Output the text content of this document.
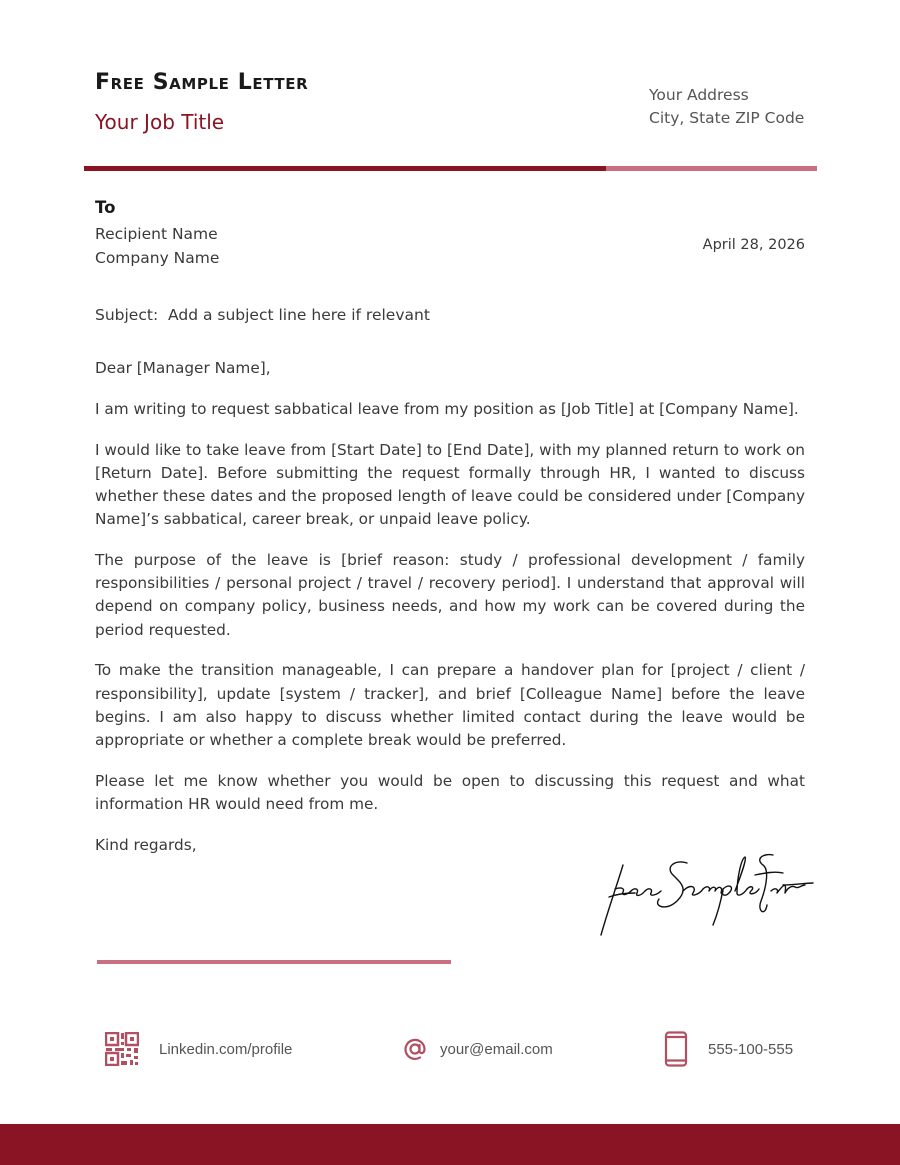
Free Sample Letter
Your Job Title
Your Address
City, State ZIP Code
To
Recipient Name
Company Name
April 28, 2026
Subject:  Add a subject line here if relevant

Dear [Manager Name],

I am writing to request sabbatical leave from my position as [Job Title] at [Company Name].

I would like to take leave from [Start Date] to [End Date], with my planned return to work on [Return Date]. Before submitting the request formally through HR, I wanted to discuss whether these dates and the proposed length of leave could be considered under [Company Name]’s sabbatical, career break, or unpaid leave policy.

The purpose of the leave is [brief reason: study / professional development / family responsibilities / personal project / travel / recovery period]. I understand that approval will depend on company policy, business needs, and how my work can be covered during the period requested.

To make the transition manageable, I can prepare a handover plan for [project / client / responsibility], update [system / tracker], and brief [Colleague Name] before the leave begins. I am also happy to discuss whether limited contact during the leave would be appropriate or whether a complete break would be preferred.

Please let me know whether you would be open to discussing this request and what information HR would need from me.

Kind regards,

Linkedin.com/profile	your@email.com	555-100-555
